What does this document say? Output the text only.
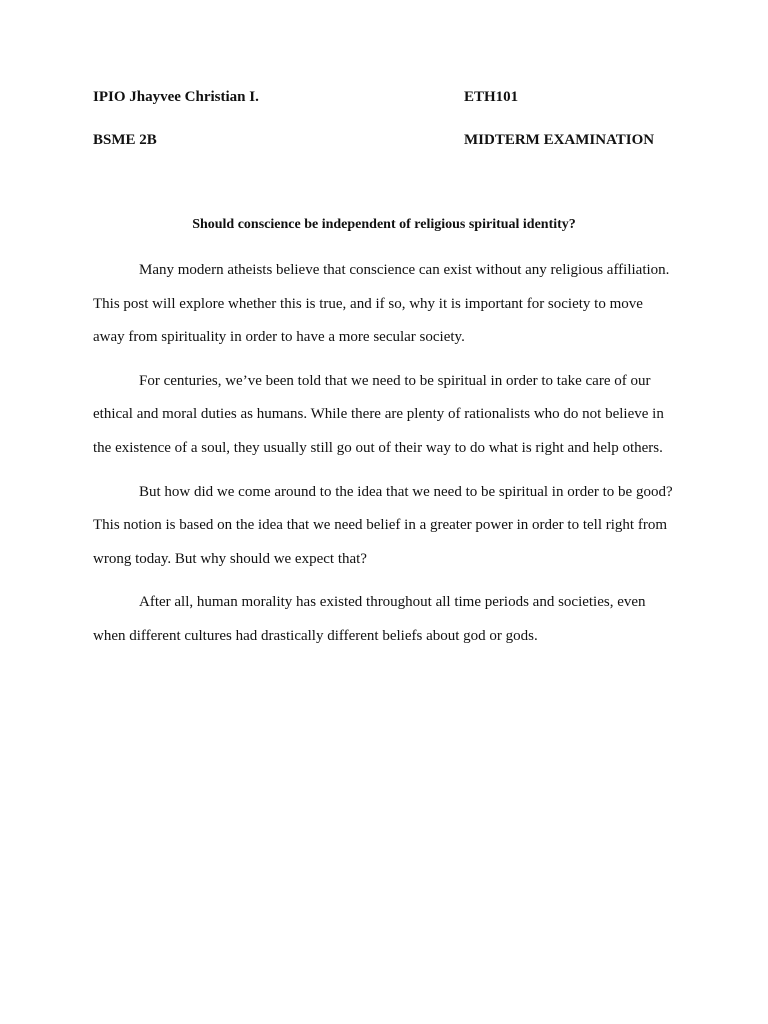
IPIO Jhayvee Christian I.	ETH101
BSME 2B	MIDTERM EXAMINATION
Should conscience be independent of religious spiritual identity?

Many modern atheists believe that conscience can exist without any religious affiliation. This post will explore whether this is true, and if so, why it is important for society to move away from spirituality in order to have a more secular society.

For centuries, we’ve been told that we need to be spiritual in order to take care of our ethical and moral duties as humans. While there are plenty of rationalists who do not believe in the existence of a soul, they usually still go out of their way to do what is right and help others.

But how did we come around to the idea that we need to be spiritual in order to be good? This notion is based on the idea that we need belief in a greater power in order to tell right from wrong today. But why should we expect that?

After all, human morality has existed throughout all time periods and societies, even when different cultures had drastically different beliefs about god or gods.
